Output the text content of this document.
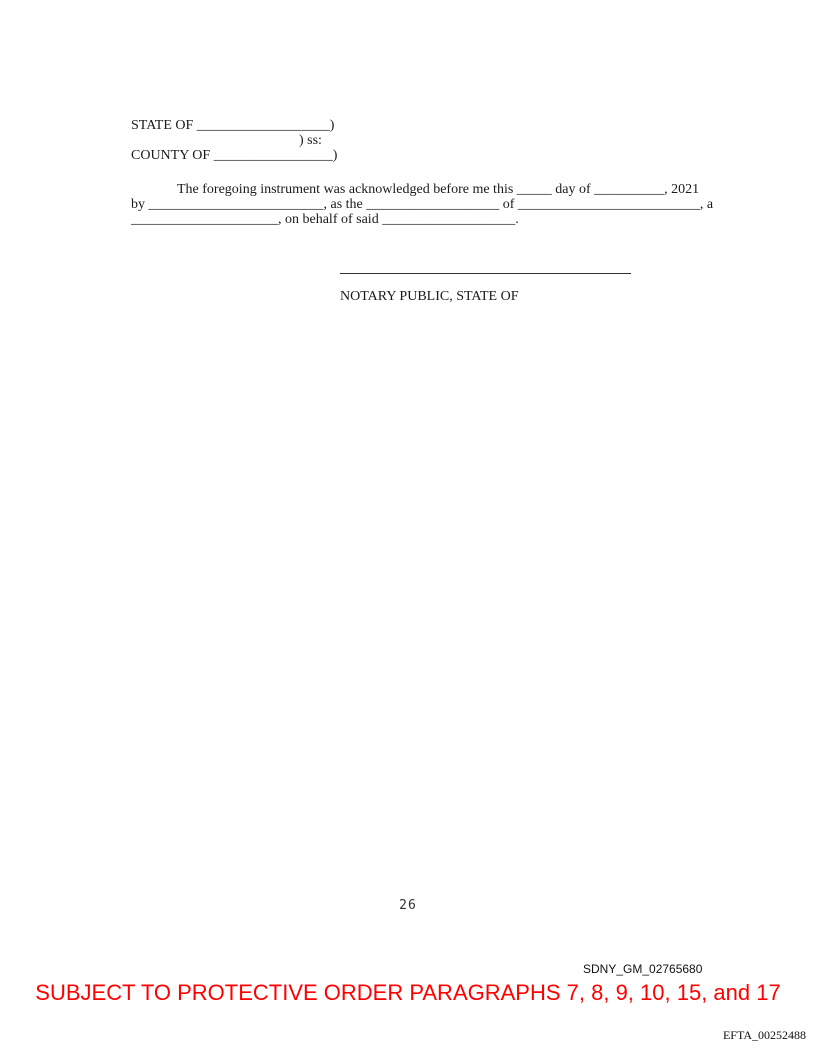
STATE OF ___________________)
) ss:
COUNTY OF _________________)
The foregoing instrument was acknowledged before me this _____ day of __________, 2021
by _________________________, as the ___________________ of __________________________, a
_____________________, on behalf of said ___________________.
NOTARY PUBLIC, STATE OF
26
SDNY_GM_02765680
SUBJECT TO PROTECTIVE ORDER PARAGRAPHS 7, 8, 9, 10, 15, and 17
EFTA_00252488
